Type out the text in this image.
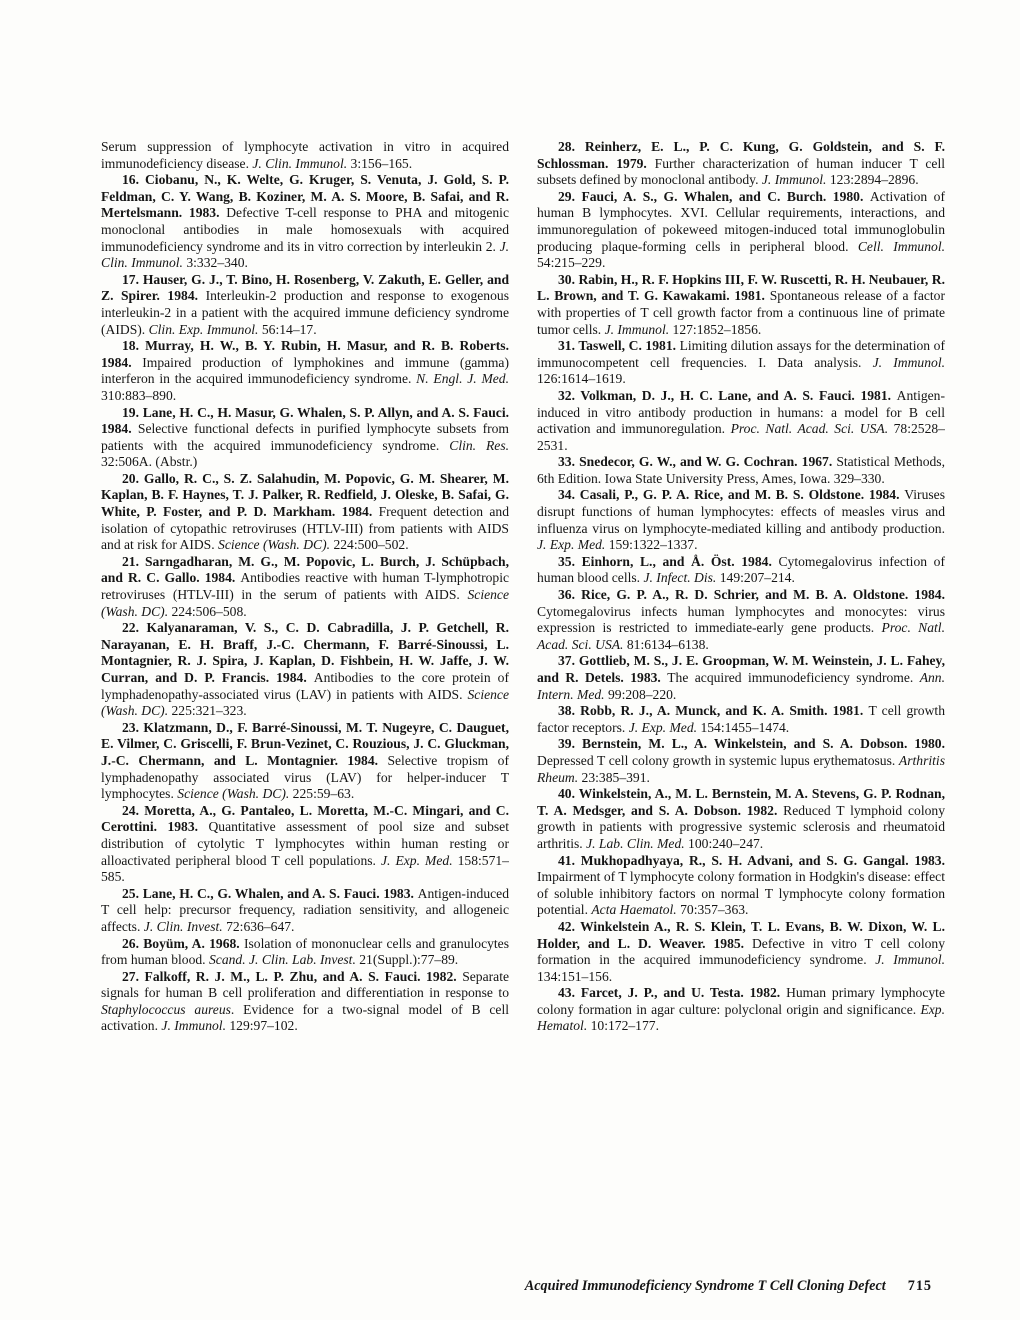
Serum suppression of lymphocyte activation in vitro in acquired immunodeficiency disease. J. Clin. Immunol. 3:156–165.

16. Ciobanu, N., K. Welte, G. Kruger, S. Venuta, J. Gold, S. P. Feldman, C. Y. Wang, B. Koziner, M. A. S. Moore, B. Safai, and R. Mertelsmann. 1983. Defective T-cell response to PHA and mitogenic monoclonal antibodies in male homosexuals with acquired immunodeficiency syndrome and its in vitro correction by interleukin 2. J. Clin. Immunol. 3:332–340.

17. Hauser, G. J., T. Bino, H. Rosenberg, V. Zakuth, E. Geller, and Z. Spirer. 1984. Interleukin-2 production and response to exogenous interleukin-2 in a patient with the acquired immune deficiency syndrome (AIDS). Clin. Exp. Immunol. 56:14–17.

18. Murray, H. W., B. Y. Rubin, H. Masur, and R. B. Roberts. 1984. Impaired production of lymphokines and immune (gamma) interferon in the acquired immunodeficiency syndrome. N. Engl. J. Med. 310:883–890.

19. Lane, H. C., H. Masur, G. Whalen, S. P. Allyn, and A. S. Fauci. 1984. Selective functional defects in purified lymphocyte subsets from patients with the acquired immunodeficiency syndrome. Clin. Res. 32:506A. (Abstr.)

20. Gallo, R. C., S. Z. Salahudin, M. Popovic, G. M. Shearer, M. Kaplan, B. F. Haynes, T. J. Palker, R. Redfield, J. Oleske, B. Safai, G. White, P. Foster, and P. D. Markham. 1984. Frequent detection and isolation of cytopathic retroviruses (HTLV-III) from patients with AIDS and at risk for AIDS. Science (Wash. DC). 224:500–502.

21. Sarngadharan, M. G., M. Popovic, L. Burch, J. Schüpbach, and R. C. Gallo. 1984. Antibodies reactive with human T-lymphotropic retroviruses (HTLV-III) in the serum of patients with AIDS. Science (Wash. DC). 224:506–508.

22. Kalyanaraman, V. S., C. D. Cabradilla, J. P. Getchell, R. Narayanan, E. H. Braff, J.-C. Chermann, F. Barré-Sinoussi, L. Montagnier, R. J. Spira, J. Kaplan, D. Fishbein, H. W. Jaffe, J. W. Curran, and D. P. Francis. 1984. Antibodies to the core protein of lymphadenopathy-associated virus (LAV) in patients with AIDS. Science (Wash. DC). 225:321–323.

23. Klatzmann, D., F. Barré-Sinoussi, M. T. Nugeyre, C. Dauguet, E. Vilmer, C. Griscelli, F. Brun-Vezinet, C. Rouzious, J. C. Gluckman, J.-C. Chermann, and L. Montagnier. 1984. Selective tropism of lymphadenopathy associated virus (LAV) for helper-inducer T lymphocytes. Science (Wash. DC). 225:59–63.

24. Moretta, A., G. Pantaleo, L. Moretta, M.-C. Mingari, and C. Cerottini. 1983. Quantitative assessment of pool size and subset distribution of cytolytic T lymphocytes within human resting or alloactivated peripheral blood T cell populations. J. Exp. Med. 158:571–585.

25. Lane, H. C., G. Whalen, and A. S. Fauci. 1983. Antigen-induced T cell help: precursor frequency, radiation sensitivity, and allogeneic affects. J. Clin. Invest. 72:636–647.

26. Boyüm, A. 1968. Isolation of mononuclear cells and granulocytes from human blood. Scand. J. Clin. Lab. Invest. 21(Suppl.):77–89.

27. Falkoff, R. J. M., L. P. Zhu, and A. S. Fauci. 1982. Separate signals for human B cell proliferation and differentiation in response to Staphylococcus aureus. Evidence for a two-signal model of B cell activation. J. Immunol. 129:97–102.

28. Reinherz, E. L., P. C. Kung, G. Goldstein, and S. F. Schlossman. 1979. Further characterization of human inducer T cell subsets defined by monoclonal antibody. J. Immunol. 123:2894–2896.

29. Fauci, A. S., G. Whalen, and C. Burch. 1980. Activation of human B lymphocytes. XVI. Cellular requirements, interactions, and immunoregulation of pokeweed mitogen-induced total immunoglobulin producing plaque-forming cells in peripheral blood. Cell. Immunol. 54:215–229.

30. Rabin, H., R. F. Hopkins III, F. W. Ruscetti, R. H. Neubauer, R. L. Brown, and T. G. Kawakami. 1981. Spontaneous release of a factor with properties of T cell growth factor from a continuous line of primate tumor cells. J. Immunol. 127:1852–1856.

31. Taswell, C. 1981. Limiting dilution assays for the determination of immunocompetent cell frequencies. I. Data analysis. J. Immunol. 126:1614–1619.

32. Volkman, D. J., H. C. Lane, and A. S. Fauci. 1981. Antigen-induced in vitro antibody production in humans: a model for B cell activation and immunoregulation. Proc. Natl. Acad. Sci. USA. 78:2528–2531.

33. Snedecor, G. W., and W. G. Cochran. 1967. Statistical Methods, 6th Edition. Iowa State University Press, Ames, Iowa. 329–330.

34. Casali, P., G. P. A. Rice, and M. B. S. Oldstone. 1984. Viruses disrupt functions of human lymphocytes: effects of measles virus and influenza virus on lymphocyte-mediated killing and antibody production. J. Exp. Med. 159:1322–1337.

35. Einhorn, L., and Å. Öst. 1984. Cytomegalovirus infection of human blood cells. J. Infect. Dis. 149:207–214.

36. Rice, G. P. A., R. D. Schrier, and M. B. A. Oldstone. 1984. Cytomegalovirus infects human lymphocytes and monocytes: virus expression is restricted to immediate-early gene products. Proc. Natl. Acad. Sci. USA. 81:6134–6138.

37. Gottlieb, M. S., J. E. Groopman, W. M. Weinstein, J. L. Fahey, and R. Detels. 1983. The acquired immunodeficiency syndrome. Ann. Intern. Med. 99:208–220.

38. Robb, R. J., A. Munck, and K. A. Smith. 1981. T cell growth factor receptors. J. Exp. Med. 154:1455–1474.

39. Bernstein, M. L., A. Winkelstein, and S. A. Dobson. 1980. Depressed T cell colony growth in systemic lupus erythematosus. Arthritis Rheum. 23:385–391.

40. Winkelstein, A., M. L. Bernstein, M. A. Stevens, G. P. Rodnan, T. A. Medsger, and S. A. Dobson. 1982. Reduced T lymphoid colony growth in patients with progressive systemic sclerosis and rheumatoid arthritis. J. Lab. Clin. Med. 100:240–247.

41. Mukhopadhyaya, R., S. H. Advani, and S. G. Gangal. 1983. Impairment of T lymphocyte colony formation in Hodgkin's disease: effect of soluble inhibitory factors on normal T lymphocyte colony formation potential. Acta Haematol. 70:357–363.

42. Winkelstein A., R. S. Klein, T. L. Evans, B. W. Dixon, W. L. Holder, and L. D. Weaver. 1985. Defective in vitro T cell colony formation in the acquired immunodeficiency syndrome. J. Immunol. 134:151–156.

43. Farcet, J. P., and U. Testa. 1982. Human primary lymphocyte colony formation in agar culture: polyclonal origin and significance. Exp. Hematol. 10:172–177.

Acquired Immunodeficiency Syndrome T Cell Cloning Defect 715
